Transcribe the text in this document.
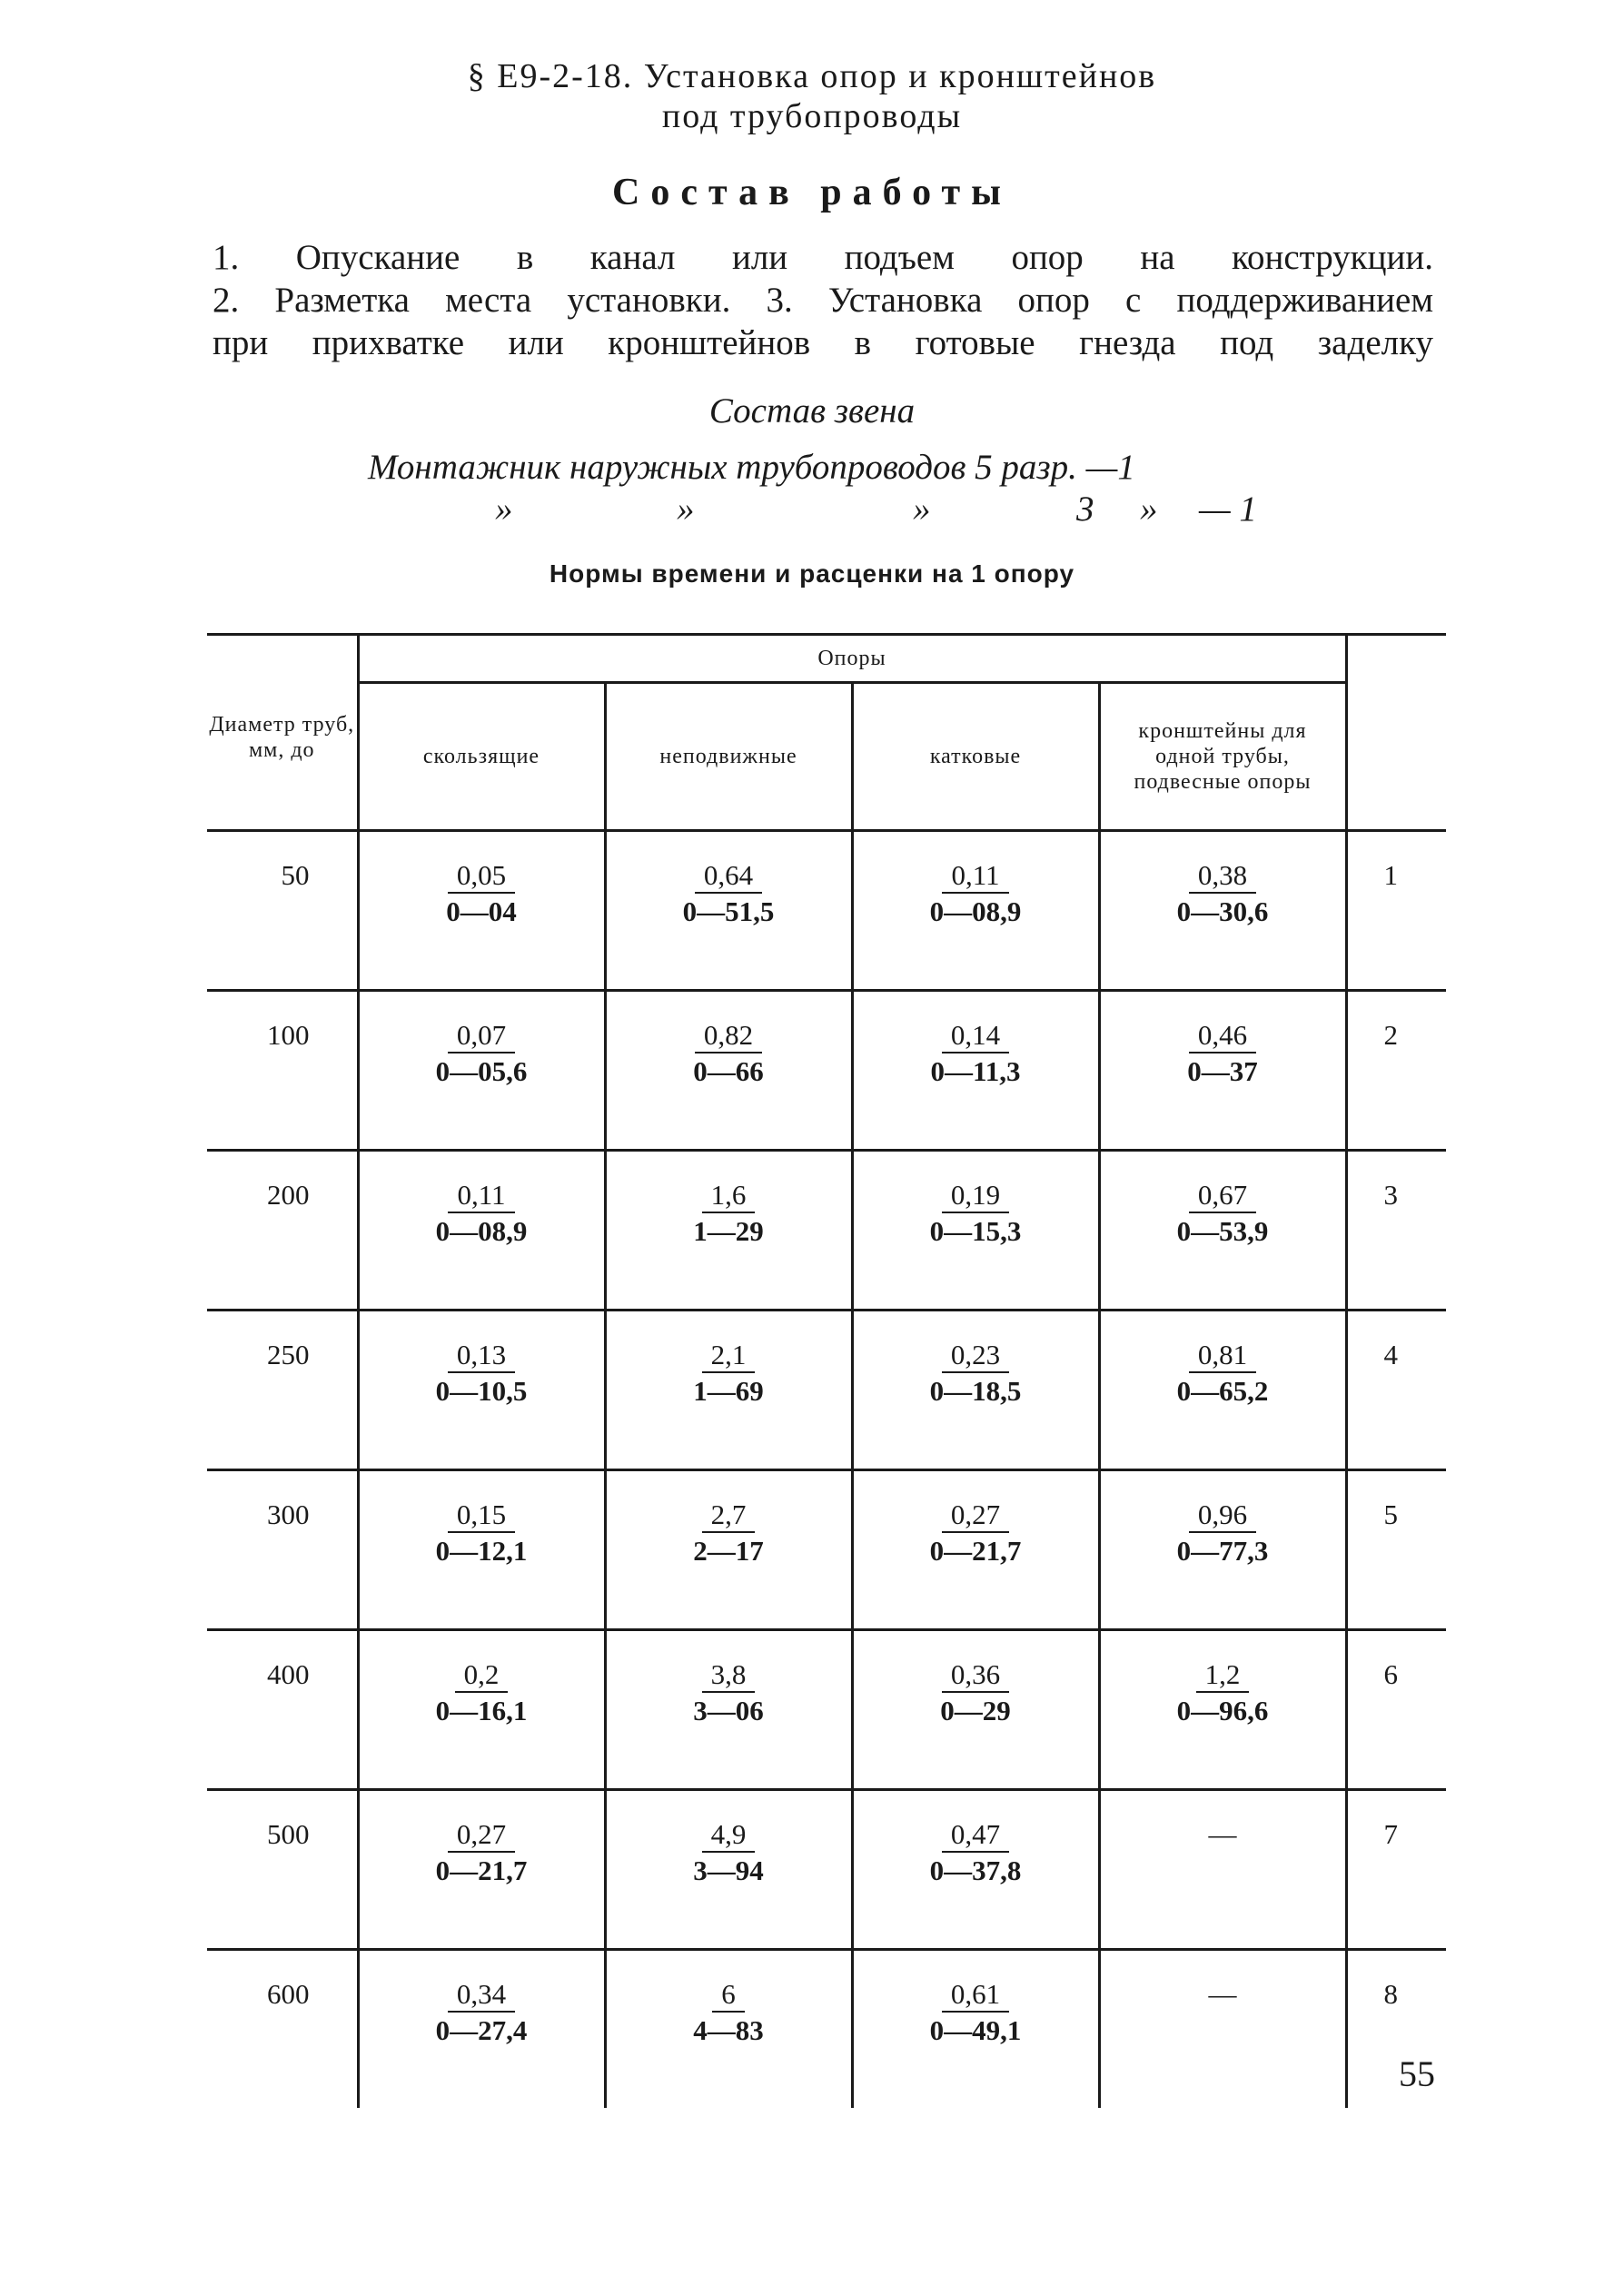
§ Е9-2-18. Установка опор и кронштейнов
под трубопроводы
Состав работы
1. Опускание в канал или подъем опор на конструкции.
2. Разметка места установки. 3. Установка опор с поддерживанием
при прихватке или кронштейнов в готовые гнезда под заделку
Состав звена
Монтажник наружных трубопроводов 5 разр. —1
»	»	»	3 » — 1
Нормы времени и расценки на 1 опору
Диаметр труб, мм, до	Опоры				
	скользящие	неподвижные	катковые	кронштейны для одной трубы, подвесные опоры	
50	$\frac{0,05}{0—04}$	$\frac{0,64}{0—51,5}$	$\frac{0,11}{0—08,9}$	$\frac{0,38}{0—30,6}$	1

100	$\frac{0,07}{0—05,6}$	$\frac{0,82}{0—66}$	$\frac{0,14}{0—11,3}$	$\frac{0,46}{0—37}$	2

200	$\frac{0,11}{0—08,9}$	$\frac{1,6}{1—29}$	$\frac{0,19}{0—15,3}$	$\frac{0,67}{0—53,9}$	3

250	$\frac{0,13}{0—10,5}$	$\frac{2,1}{1—69}$	$\frac{0,23}{0—18,5}$	$\frac{0,81}{0—65,2}$	4

300	$\frac{0,15}{0—12,1}$	$\frac{2,7}{2—17}$	$\frac{0,27}{0—21,7}$	$\frac{0,96}{0—77,3}$	5

400	$\frac{0,2}{0—16,1}$	$\frac{3,8}{3—06}$	$\frac{0,36}{0—29}$	$\frac{1,2}{0—96,6}$	6

500	$\frac{0,27}{0—21,7}$	$\frac{4,9}{3—94}$	$\frac{0,47}{0—37,8}$	—	7

600	$\frac{0,34}{0—27,4}$	$\frac{6}{4—83}$	$\frac{0,61}{0—49,1}$	—	8
55
